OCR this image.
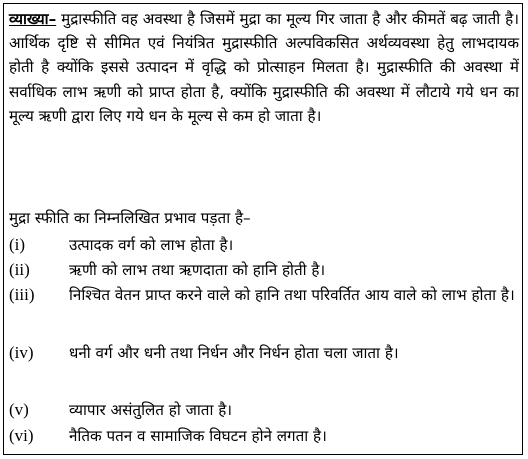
व्याख्या– मुद्रास्फीति वह अवस्था है जिसमें मुद्रा का मूल्य गिर जाता है और कीमतें बढ़ जाती है। आर्थिक दृष्टि से सीमित एवं नियंत्रित मुद्रास्फीति अल्पविकसित अर्थव्यवस्था हेतु लाभदायक होती है क्योंकि इससे उत्पादन में वृद्धि को प्रोत्साहन मिलता है। मुद्रास्फीति की अवस्था में सर्वाधिक लाभ ऋणी को प्राप्त होता है, क्योंकि मुद्रास्फीति की अवस्था में लौटाये गये धन का मूल्य ऋणी द्वारा लिए गये धन के मूल्य से कम हो जाता है।

मुद्रा स्फीति का निम्नलिखित प्रभाव पड़ता है–
(i)	उत्पादक वर्ग को लाभ होता है।
(ii)	ऋणी को लाभ तथा ऋणदाता को हानि होती है।
(iii) निश्चित वेतन प्राप्त करने वाले को हानि तथा परिवर्तित आय वाले को लाभ होता है।
(iv) धनी वर्ग और धनी तथा निर्धन और निर्धन होता चला जाता है।
(v)	व्यापार असंतुलित हो जाता है।
(vi) नैतिक पतन व सामाजिक विघटन होने लगता है।
